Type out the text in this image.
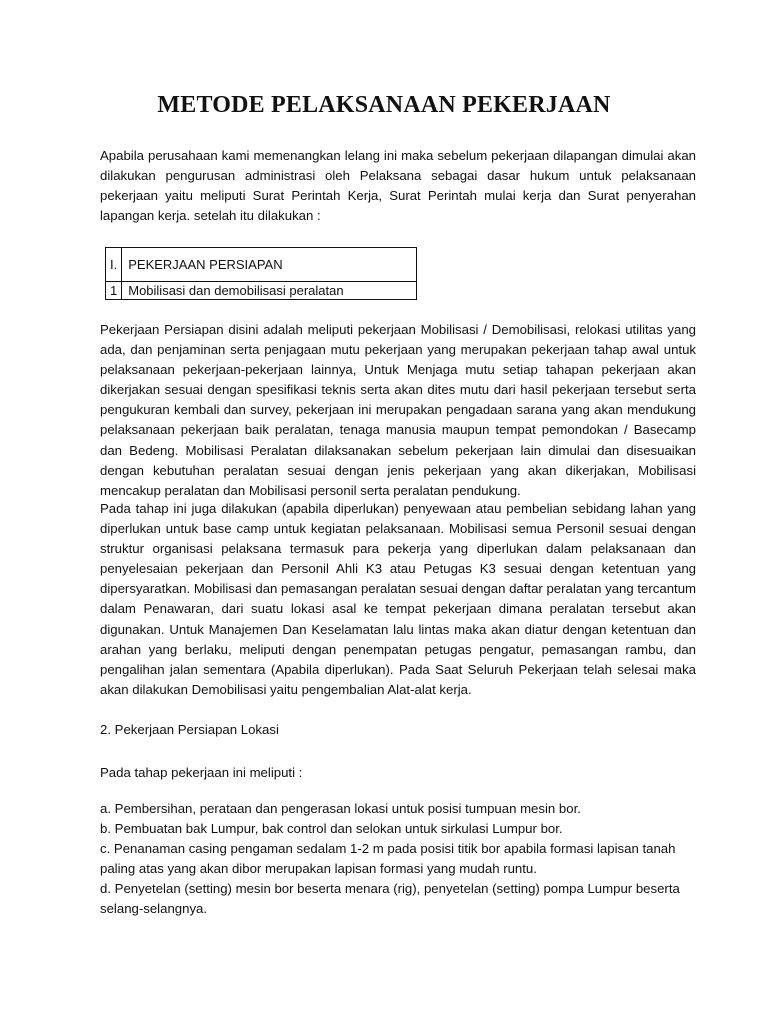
METODE PELAKSANAAN PEKERJAAN

Apabila perusahaan kami memenangkan lelang ini maka sebelum pekerjaan dilapangan dimulai akan dilakukan pengurusan administrasi oleh Pelaksana sebagai dasar hukum untuk pelaksanaan pekerjaan yaitu meliputi Surat Perintah Kerja, Surat Perintah mulai kerja dan Surat penyerahan lapangan kerja. setelah itu dilakukan :

I.	PEKERJAAN PERSIAPAN
1	Mobilisasi dan demobilisasi peralatan

Pekerjaan Persiapan disini adalah meliputi pekerjaan Mobilisasi / Demobilisasi, relokasi utilitas yang ada, dan penjaminan serta penjagaan mutu pekerjaan yang merupakan pekerjaan tahap awal untuk pelaksanaan pekerjaan-pekerjaan lainnya, Untuk Menjaga mutu setiap tahapan pekerjaan akan dikerjakan sesuai dengan spesifikasi teknis serta akan dites mutu dari hasil pekerjaan tersebut serta pengukuran kembali dan survey, pekerjaan ini merupakan pengadaan sarana yang akan mendukung pelaksanaan pekerjaan baik peralatan, tenaga manusia maupun tempat pemondokan / Basecamp dan Bedeng. Mobilisasi Peralatan dilaksanakan sebelum pekerjaan lain dimulai dan disesuaikan dengan kebutuhan peralatan sesuai dengan jenis pekerjaan yang akan dikerjakan, Mobilisasi mencakup peralatan dan Mobilisasi personil serta peralatan pendukung.

Pada tahap ini juga dilakukan (apabila diperlukan) penyewaan atau pembelian sebidang lahan yang diperlukan untuk base camp untuk kegiatan pelaksanaan. Mobilisasi semua Personil sesuai dengan struktur organisasi pelaksana termasuk para pekerja yang diperlukan dalam pelaksanaan dan penyelesaian pekerjaan dan Personil Ahli K3 atau Petugas K3 sesuai dengan ketentuan yang dipersyaratkan. Mobilisasi dan pemasangan peralatan sesuai dengan daftar peralatan yang tercantum dalam Penawaran, dari suatu lokasi asal ke tempat pekerjaan dimana peralatan tersebut akan digunakan. Untuk Manajemen Dan Keselamatan lalu lintas maka akan diatur dengan ketentuan dan arahan yang berlaku, meliputi dengan penempatan petugas pengatur, pemasangan rambu, dan pengalihan jalan sementara (Apabila diperlukan). Pada Saat Seluruh Pekerjaan telah selesai maka akan dilakukan Demobilisasi yaitu pengembalian Alat-alat kerja.

2. Pekerjaan Persiapan Lokasi

Pada tahap pekerjaan ini meliputi :

a. Pembersihan, perataan dan pengerasan lokasi untuk posisi tumpuan mesin bor.

b. Pembuatan bak Lumpur, bak control dan selokan untuk sirkulasi Lumpur bor.

c. Penanaman casing pengaman sedalam 1-2 m pada posisi titik bor apabila formasi lapisan tanah paling atas yang akan dibor merupakan lapisan formasi yang mudah runtu.

d. Penyetelan (setting) mesin bor beserta menara (rig), penyetelan (setting) pompa Lumpur beserta selang-selangnya.
